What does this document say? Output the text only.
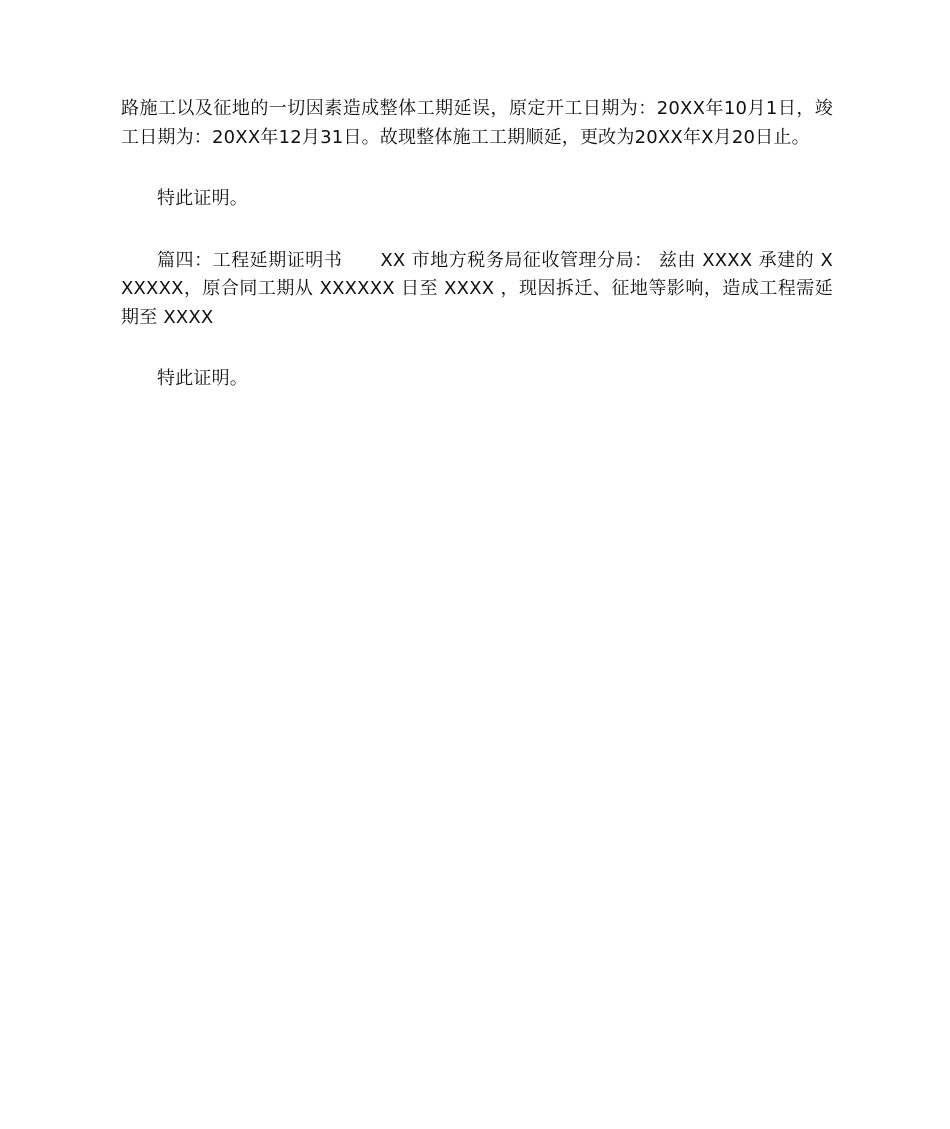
路施工以及征地的一切因素造成整体工期延误，原定开工日期为：20XX年10月1日，竣工日期为：20XX年12月31日。故现整体施工工期顺延，更改为20XX年X月20日止。

特此证明。

篇四：工程延期证明书 XX 市地方税务局征收管理分局： 兹由 XXXX 承建的 XXXXXX，原合同工期从 XXXXXX 日至 XXXX ，现因拆迁、征地等影响，造成工程需延期至 XXXX

特此证明。
